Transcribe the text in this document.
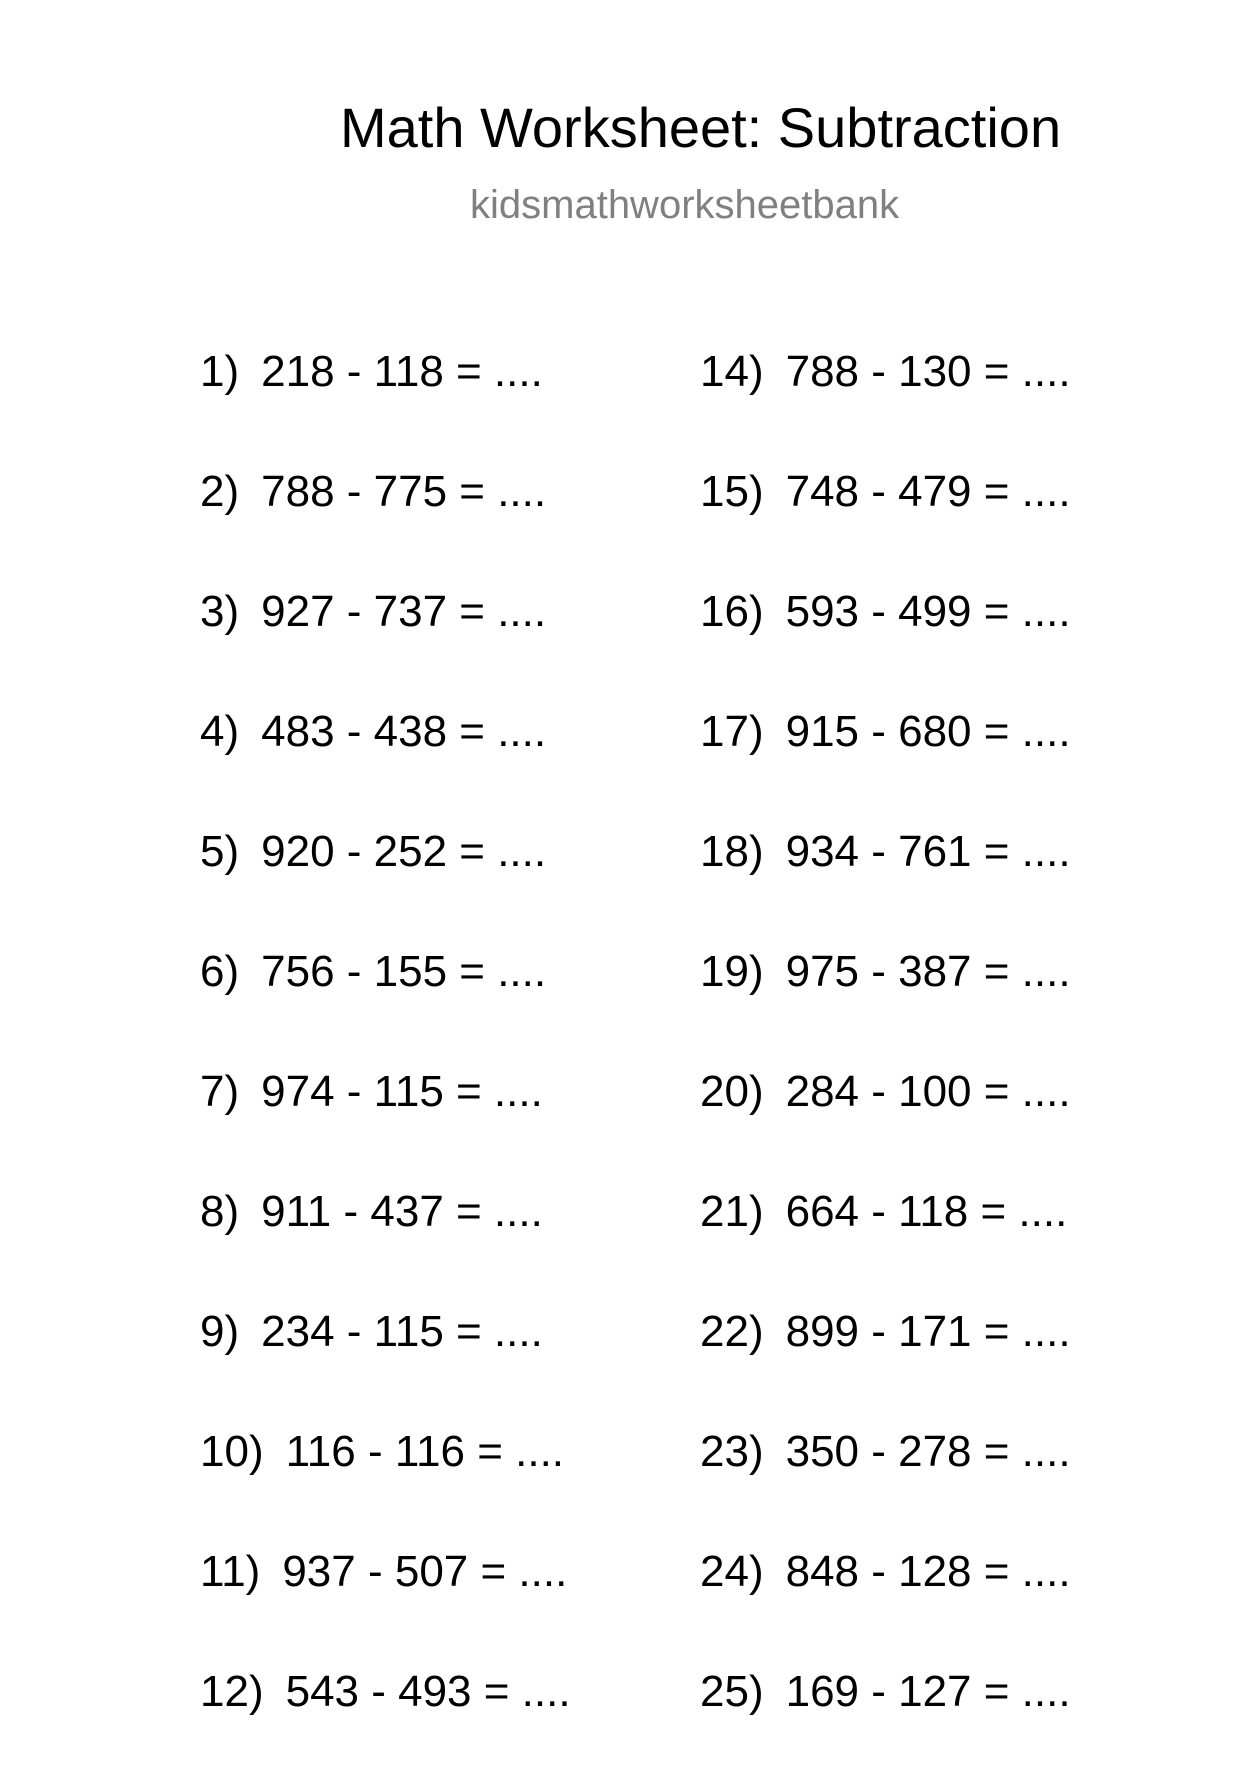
Math Worksheet: Subtraction
kidsmathworksheetbank
1) 218 - 118 = ....
2) 788 - 775 = ....
3) 927 - 737 = ....
4) 483 - 438 = ....
5) 920 - 252 = ....
6) 756 - 155 = ....
7) 974 - 115 = ....
8) 911 - 437 = ....
9) 234 - 115 = ....
10) 116 - 116 = ....
11) 937 - 507 = ....
12) 543 - 493 = ....
14) 788 - 130 = ....
15) 748 - 479 = ....
16) 593 - 499 = ....
17) 915 - 680 = ....
18) 934 - 761 = ....
19) 975 - 387 = ....
20) 284 - 100 = ....
21) 664 - 118 = ....
22) 899 - 171 = ....
23) 350 - 278 = ....
24) 848 - 128 = ....
25) 169 - 127 = ....
